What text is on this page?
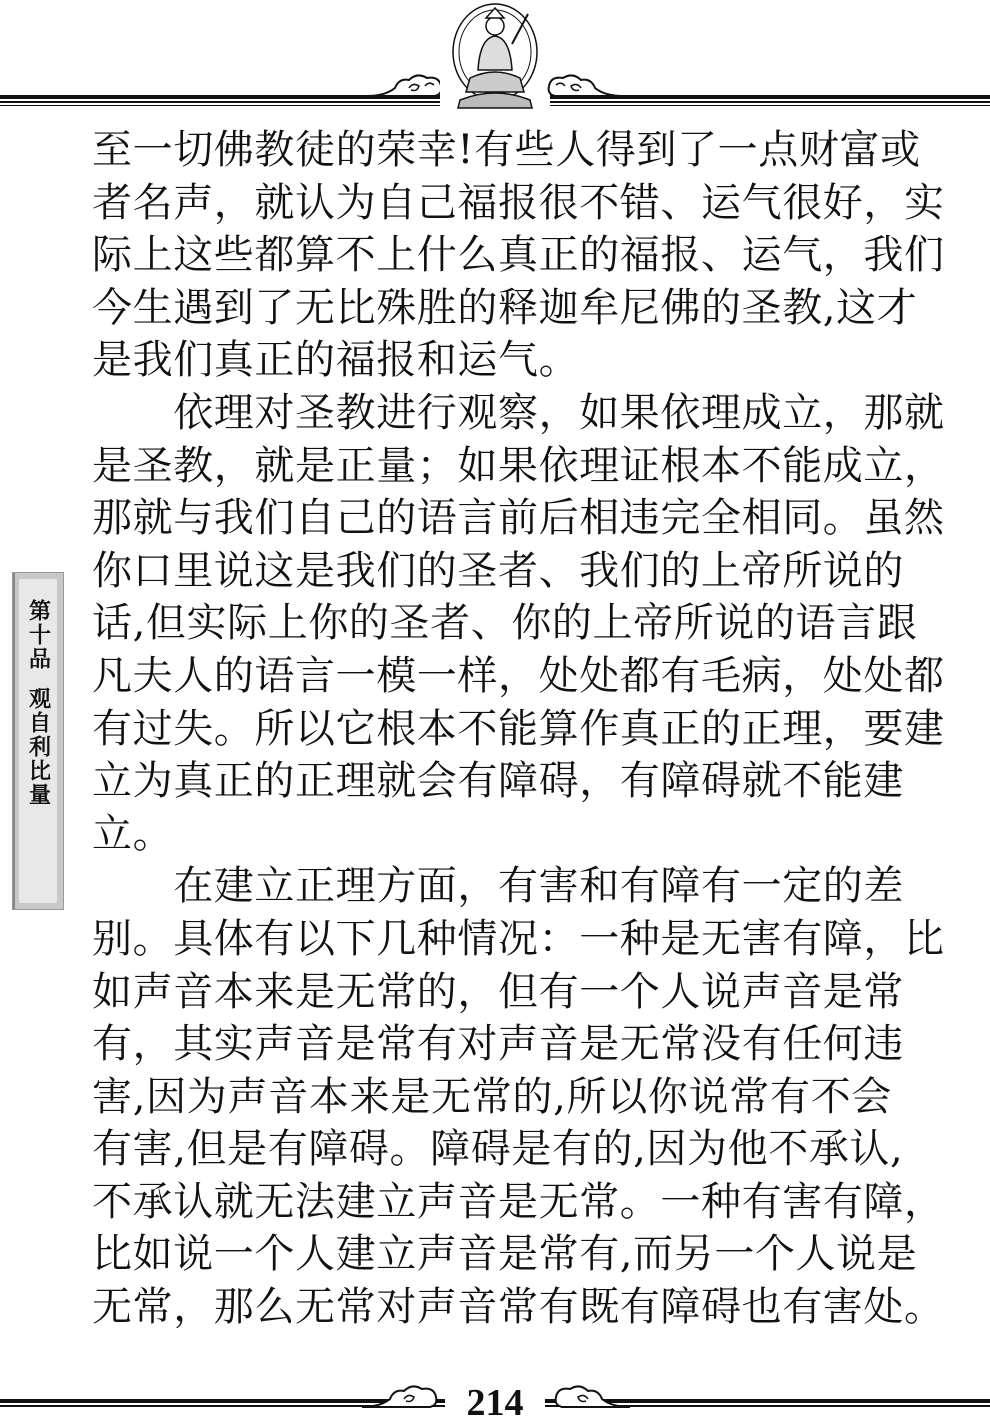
第十品
观自利比量
至一切佛教徒的荣幸!有些人得到了一点财富或
者名声，就认为自己福报很不错、运气很好，实
际上这些都算不上什么真正的福报、运气，我们
今生遇到了无比殊胜的释迦牟尼佛的圣教,这才
是我们真正的福报和运气。
　　依理对圣教进行观察，如果依理成立，那就
是圣教，就是正量；如果依理证根本不能成立，
那就与我们自己的语言前后相违完全相同。虽然
你口里说这是我们的圣者、我们的上帝所说的
话,但实际上你的圣者、你的上帝所说的语言跟
凡夫人的语言一模一样，处处都有毛病，处处都
有过失。所以它根本不能算作真正的正理，要建
立为真正的正理就会有障碍，有障碍就不能建
立。
　　在建立正理方面，有害和有障有一定的差
别。具体有以下几种情况：一种是无害有障，比
如声音本来是无常的，但有一个人说声音是常
有，其实声音是常有对声音是无常没有任何违
害,因为声音本来是无常的,所以你说常有不会
有害,但是有障碍。障碍是有的,因为他不承认,
不承认就无法建立声音是无常。一种有害有障，
比如说一个人建立声音是常有,而另一个人说是
无常，那么无常对声音常有既有障碍也有害处。
214
